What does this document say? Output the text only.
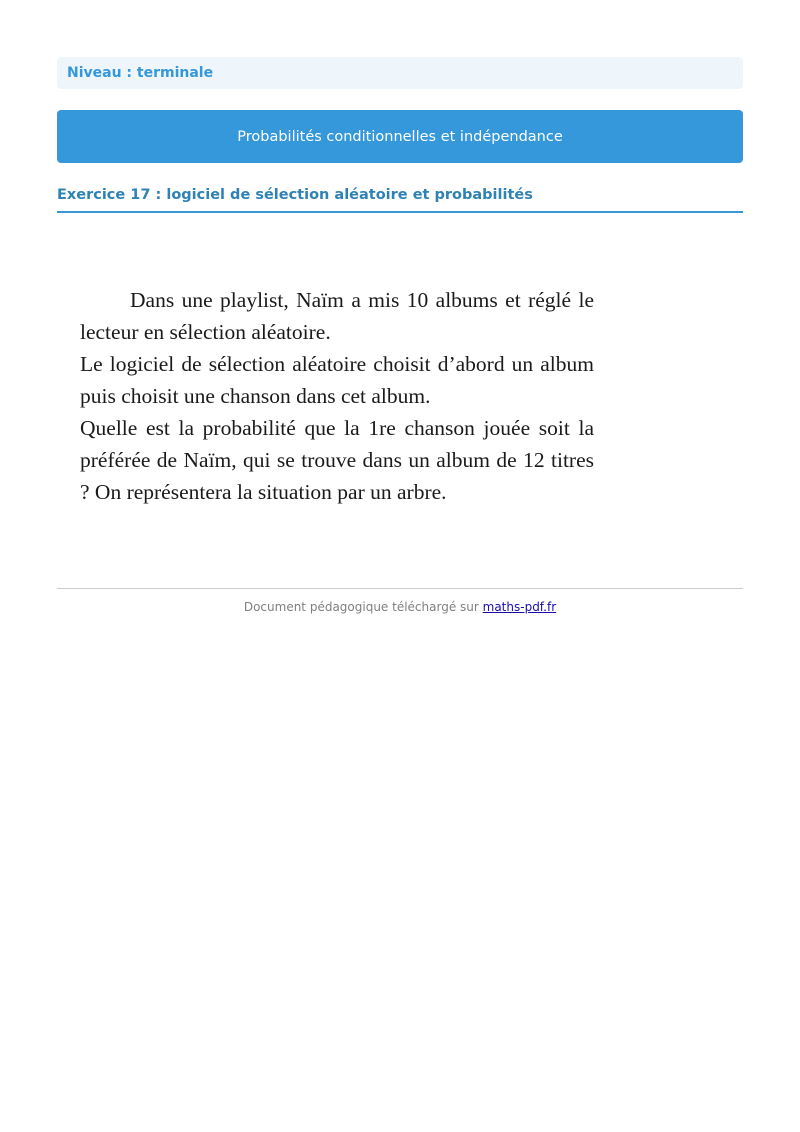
Niveau : terminale
Probabilités conditionnelles et indépendance
Exercice 17 : logiciel de sélection aléatoire et probabilités

Dans une playlist, Naïm a mis 10 albums et réglé le lecteur en sélection aléatoire.

Le logiciel de sélection aléatoire choisit d’abord un album puis choisit une chanson dans cet album.

Quelle est la probabilité que la 1re chanson jouée soit la préférée de Naïm, qui se trouve dans un album de 12 titres ? On représentera la situation par un arbre.

Document pédagogique téléchargé sur maths-pdf.fr
